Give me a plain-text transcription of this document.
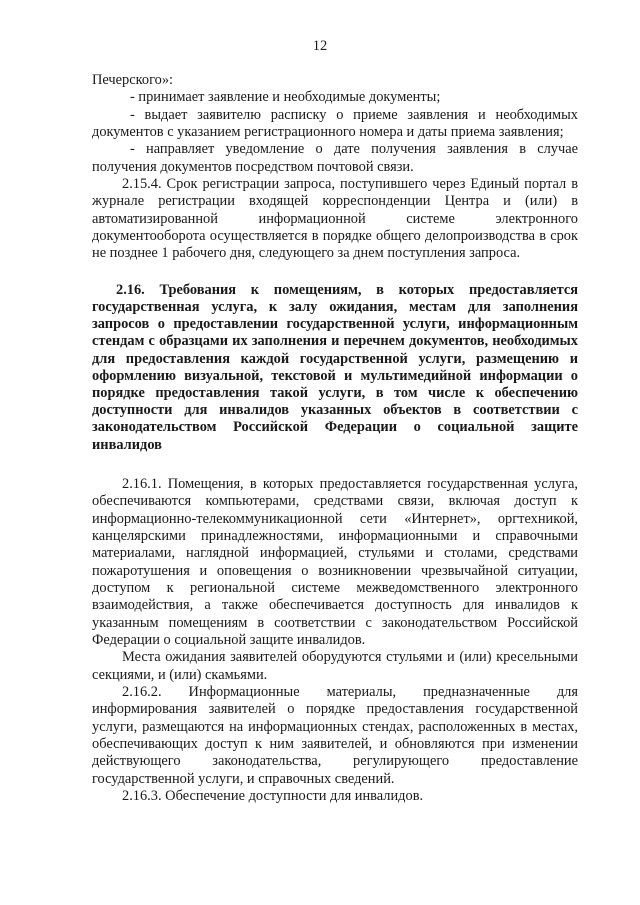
12

Печерского»:

- принимает заявление и необходимые документы;

- выдает заявителю расписку о приеме заявления и необходимых документов с указанием регистрационного номера и даты приема заявления;

- направляет уведомление о дате получения заявления в случае получения документов посредством почтовой связи.

2.15.4. Срок регистрации запроса, поступившего через Единый портал в журнале регистрации входящей корреспонденции Центра и (или) в автоматизированной информационной системе электронного документооборота осуществляется в порядке общего делопроизводства в срок не позднее 1 рабочего дня, следующего за днем поступления запроса.

2.16. Требования к помещениям, в которых предоставляется государственная услуга, к залу ожидания, местам для заполнения запросов о предоставлении государственной услуги, информационным стендам с образцами их заполнения и перечнем документов, необходимых для предоставления каждой государственной услуги, размещению и оформлению визуальной, текстовой и мультимедийной информации о порядке предоставления такой услуги, в том числе к обеспечению доступности для инвалидов указанных объектов в соответствии с законодательством Российской Федерации о социальной защите инвалидов

2.16.1. Помещения, в которых предоставляется государственная услуга, обеспечиваются компьютерами, средствами связи, включая доступ к информационно-телекоммуникационной сети «Интернет», оргтехникой, канцелярскими принадлежностями, информационными и справочными материалами, наглядной информацией, стульями и столами, средствами пожаротушения и оповещения о возникновении чрезвычайной ситуации, доступом к региональной системе межведомственного электронного взаимодействия, а также обеспечивается доступность для инвалидов к указанным помещениям в соответствии с законодательством Российской Федерации о социальной защите инвалидов.

Места ожидания заявителей оборудуются стульями и (или) кресельными секциями, и (или) скамьями.

2.16.2. Информационные материалы, предназначенные для информирования заявителей о порядке предоставления государственной услуги, размещаются на информационных стендах, расположенных в местах, обеспечивающих доступ к ним заявителей, и обновляются при изменении действующего законодательства, регулирующего предоставление государственной услуги, и справочных сведений.

2.16.3. Обеспечение доступности для инвалидов.
